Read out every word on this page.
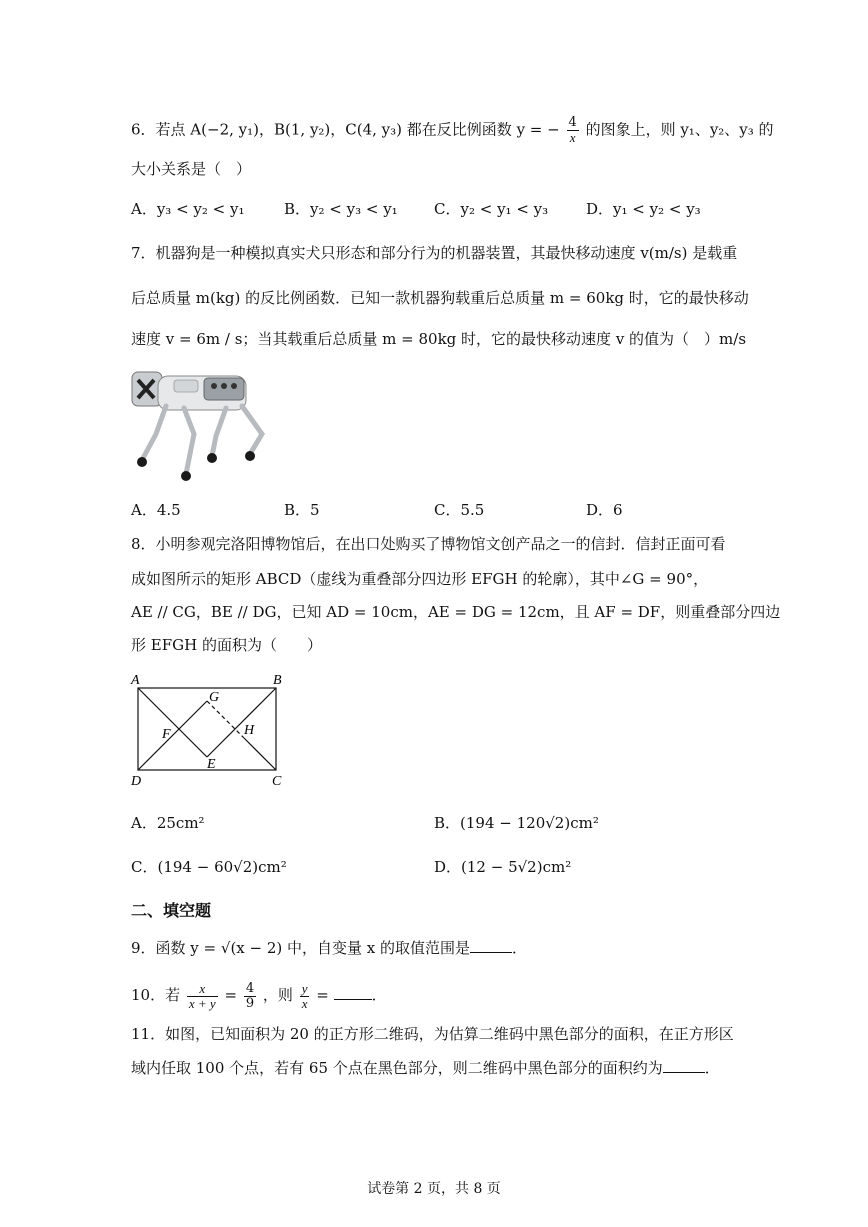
6．若点 A(−2, y₁)，B(1, y₂)，C(4, y₃) 都在反比例函数 y = − $\frac{4}{x}$ 的图象上，则 y₁、y₂、y₃ 的
大小关系是（　）
A．y₃ < y₂ < y₁	B．y₂ < y₃ < y₁ C．y₂ < y₁ < y₃	D．y₁ < y₂ < y₃
7．机器狗是一种模拟真实犬只形态和部分行为的机器装置，其最快移动速度 v(m/s) 是载重
后总质量 m(kg) 的反比例函数．已知一款机器狗载重后总质量 m = 60kg 时，它的最快移动
速度 v = 6m / s；当其载重后总质量 m = 80kg 时，它的最快移动速度 v 的值为（　）m/s
A．4.5	B．5	C．5.5	D．6
8．小明参观完洛阳博物馆后，在出口处购买了博物馆文创产品之一的信封．信封正面可看
成如图所示的矩形 ABCD（虚线为重叠部分四边形 EFGH 的轮廓），其中∠G = 90°，
AE // CG，BE // DG，已知 AD = 10cm，AE = DG = 12cm，且 AF = DF，则重叠部分四边
形 EFGH 的面积为（　　）
A	B
C
D
E
F
G
H
A．25cm²	B．(194 − 120√2)cm²
C．(194 − 60√2)cm²	D．(12 − 5√2)cm²
二、填空题
9．函数 y = √(x − 2) 中，自变量 x 的取值范围是	．
10．若 $\frac{x}{x + y} = \frac{4}{9}$ ，则 $\frac{y}{x}$ =	．
11．如图，已知面积为 20 的正方形二维码，为估算二维码中黑色部分的面积，在正方形区
域内任取 100 个点，若有 65 个点在黑色部分，则二维码中黑色部分的面积约为	．
试卷第 2 页，共 8 页
